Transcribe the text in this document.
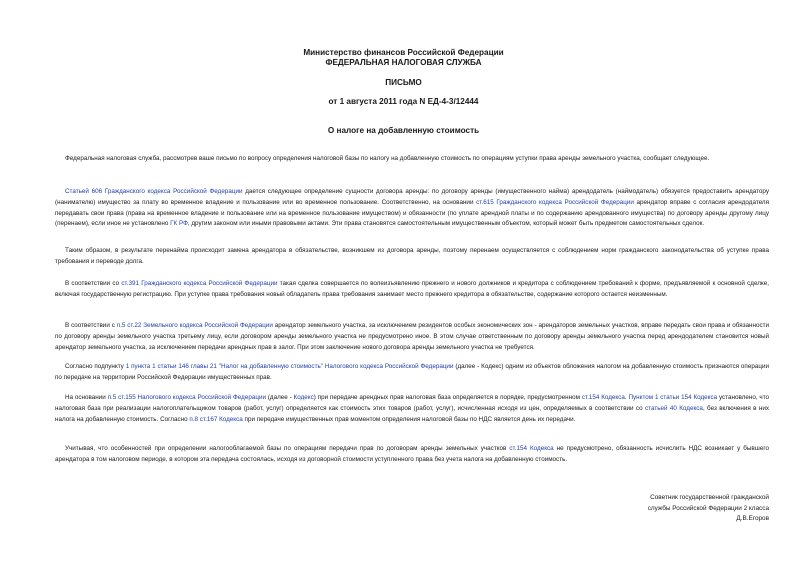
Министерство финансов Российской Федерации
ФЕДЕРАЛЬНАЯ НАЛОГОВАЯ СЛУЖБА
ПИСЬМО
от 1 августа 2011 года N ЕД-4-3/12444
О налоге на добавленную стоимость

Федеральная налоговая служба, рассмотрев ваше письмо по вопросу определения налоговой базы по налогу на добавленную стоимость по операциям уступки права аренды земельного участка, сообщает следующее.

Статьей 606 Гражданского кодекса Российской Федерации дается следующее определение сущности договора аренды: по договору аренды (имущественного найма) арендодатель (наймодатель) обязуется предоставить арендатору (нанимателю) имущество за плату во временное владение и пользование или во временное пользование. Соответственно, на основании ст.615 Гражданского кодекса Российской Федерации арендатор вправе с согласия арендодателя передавать свои права (права на временное владение и пользование или на временное пользование имуществом) и обязанности (по уплате арендной платы и по содержанию арендованного имущества) по договору аренды другому лицу (перенаем), если иное не установлено ГК РФ, другим законом или иными правовыми актами. Эти права становятся самостоятельным имущественным объектом, который может быть предметом самостоятельных сделок.

Таким образом, в результате перенайма происходит замена арендатора в обязательстве, возникшем из договора аренды, поэтому перенаем осуществляется с соблюдением норм гражданского законодательства об уступке права требования и переводе долга.

В соответствии со ст.391 Гражданского кодекса Российской Федерации такая сделка совершается по волеизъявлению прежнего и нового должников и кредитора с соблюдением требований к форме, предъявляемой к основной сделке, включая государственную регистрацию. При уступке права требования новый обладатель права требования занимает место прежнего кредитора в обязательстве, содержание которого остается неизменным.

В соответствии с п.5 ст.22 Земельного кодекса Российской Федерации арендатор земельного участка, за исключением резидентов особых экономических зон - арендаторов земельных участков, вправе передать свои права и обязанности по договору аренды земельного участка третьему лицу, если договором аренды земельного участка не предусмотрено иное. В этом случае ответственным по договору аренды земельного участка перед арендодателем становится новый арендатор земельного участка, за исключением передачи арендных прав в залог. При этом заключение нового договора аренды земельного участка не требуется.

Согласно подпункту 1 пункта 1 статьи 146 главы 21 "Налог на добавленную стоимость" Налогового кодекса Российской Федерации (далее - Кодекс) одним из объектов обложения налогом на добавленную стоимость признаются операции по передаче на территории Российской Федерации имущественных прав.

На основании п.5 ст.155 Налогового кодекса Российской Федерации (далее - Кодекс) при передаче арендных прав налоговая база определяется в порядке, предусмотренном ст.154 Кодекса. Пунктом 1 статьи 154 Кодекса установлено, что налоговая база при реализации налогоплательщиком товаров (работ, услуг) определяется как стоимость этих товаров (работ, услуг), исчисленная исходя из цен, определяемых в соответствии со статьей 40 Кодекса, без включения в них налога на добавленную стоимость. Согласно п.8 ст.167 Кодекса при передаче имущественных прав моментом определения налоговой базы по НДС является день их передачи.

Учитывая, что особенностей при определении налогооблагаемой базы по операциям передачи прав по договорам аренды земельных участков ст.154 Кодекса не предусмотрено, обязанность исчислить НДС возникает у бывшего арендатора в том налоговом периоде, в котором эта передача состоялась, исходя из договорной стоимости уступленного права без учета налога на добавленную стоимость.

Советник государственной гражданской
службы Российской Федерации 2 класса
Д.В.Егоров
